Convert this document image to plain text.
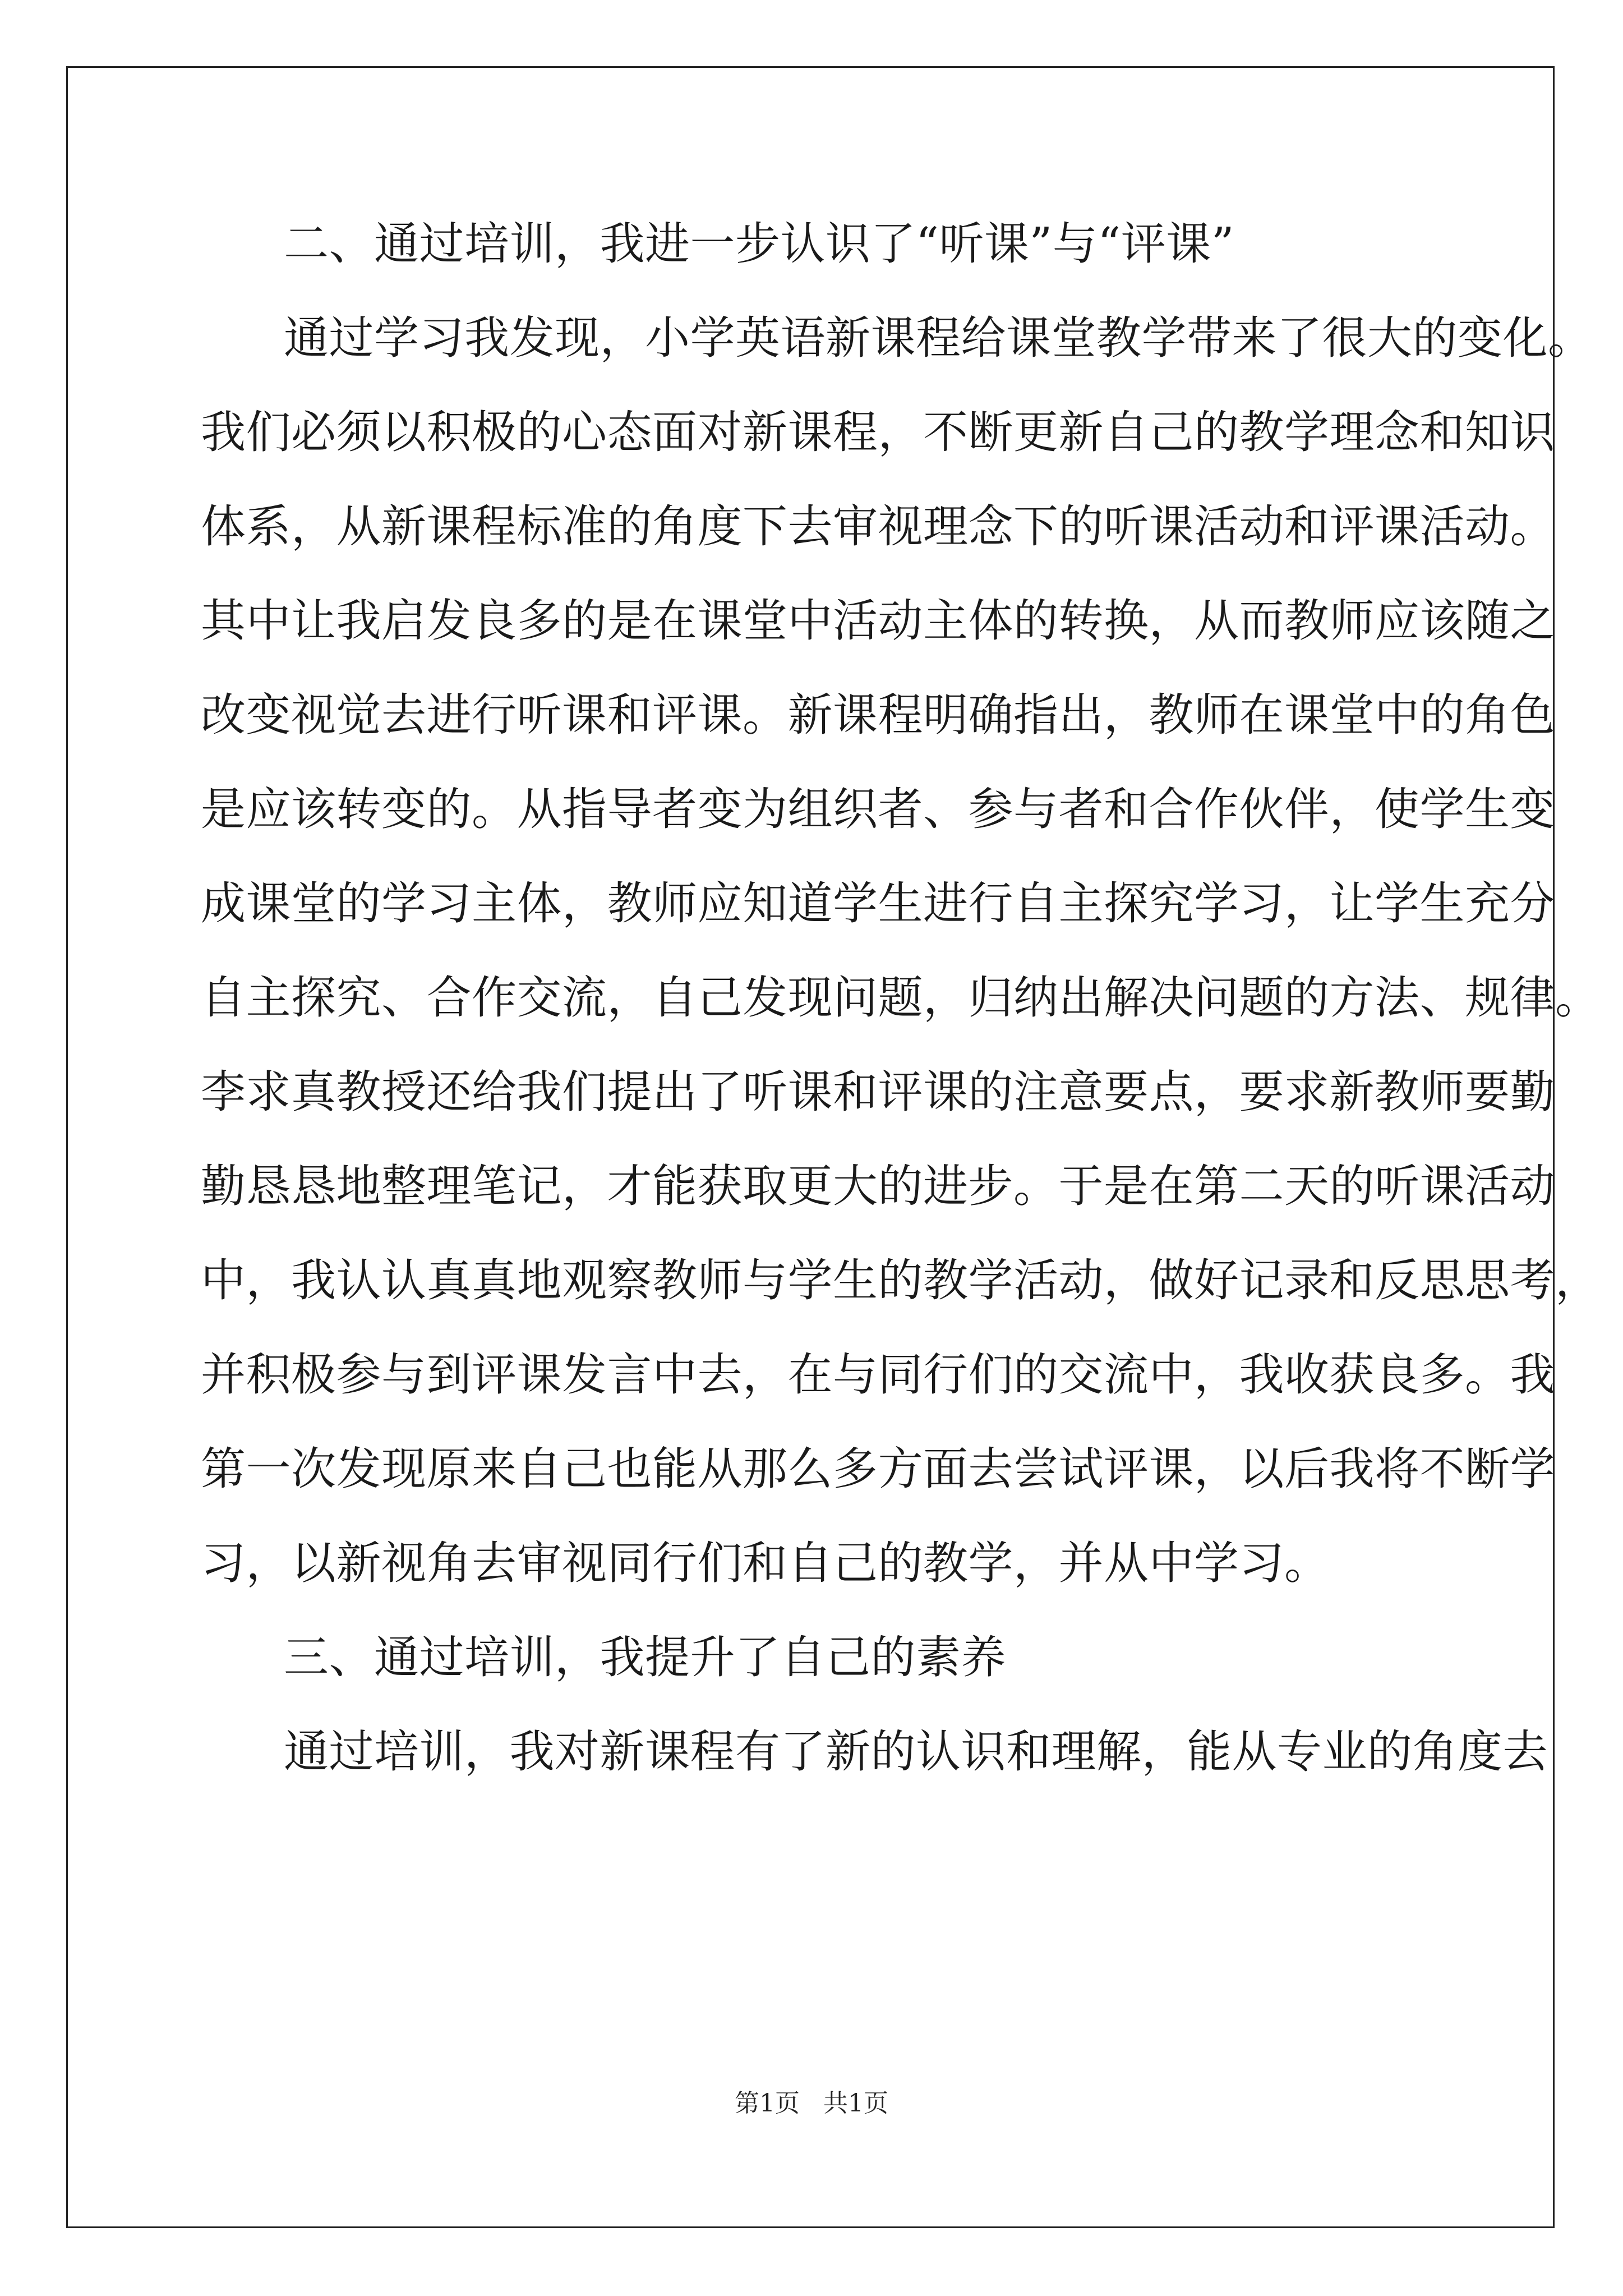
二、通过培训，我进一步认识了“听课”与“评课”

通过学习我发现，小学英语新课程给课堂教学带来了很大的变化。

我们必须以积极的心态面对新课程，不断更新自己的教学理念和知识

体系，从新课程标准的角度下去审视理念下的听课活动和评课活动。

其中让我启发良多的是在课堂中活动主体的转换，从而教师应该随之

改变视觉去进行听课和评课。新课程明确指出，教师在课堂中的角色

是应该转变的。从指导者变为组织者、参与者和合作伙伴，使学生变

成课堂的学习主体，教师应知道学生进行自主探究学习，让学生充分

自主探究、合作交流，自己发现问题，归纳出解决问题的方法、规律。

李求真教授还给我们提出了听课和评课的注意要点，要求新教师要勤

勤恳恳地整理笔记，才能获取更大的进步。于是在第二天的听课活动

中，我认认真真地观察教师与学生的教学活动，做好记录和反思思考，

并积极参与到评课发言中去，在与同行们的交流中，我收获良多。我

第一次发现原来自己也能从那么多方面去尝试评课，以后我将不断学

习，以新视角去审视同行们和自己的教学，并从中学习。

三、通过培训，我提升了自己的素养

通过培训，我对新课程有了新的认识和理解，能从专业的角度去

第1页 共1页
